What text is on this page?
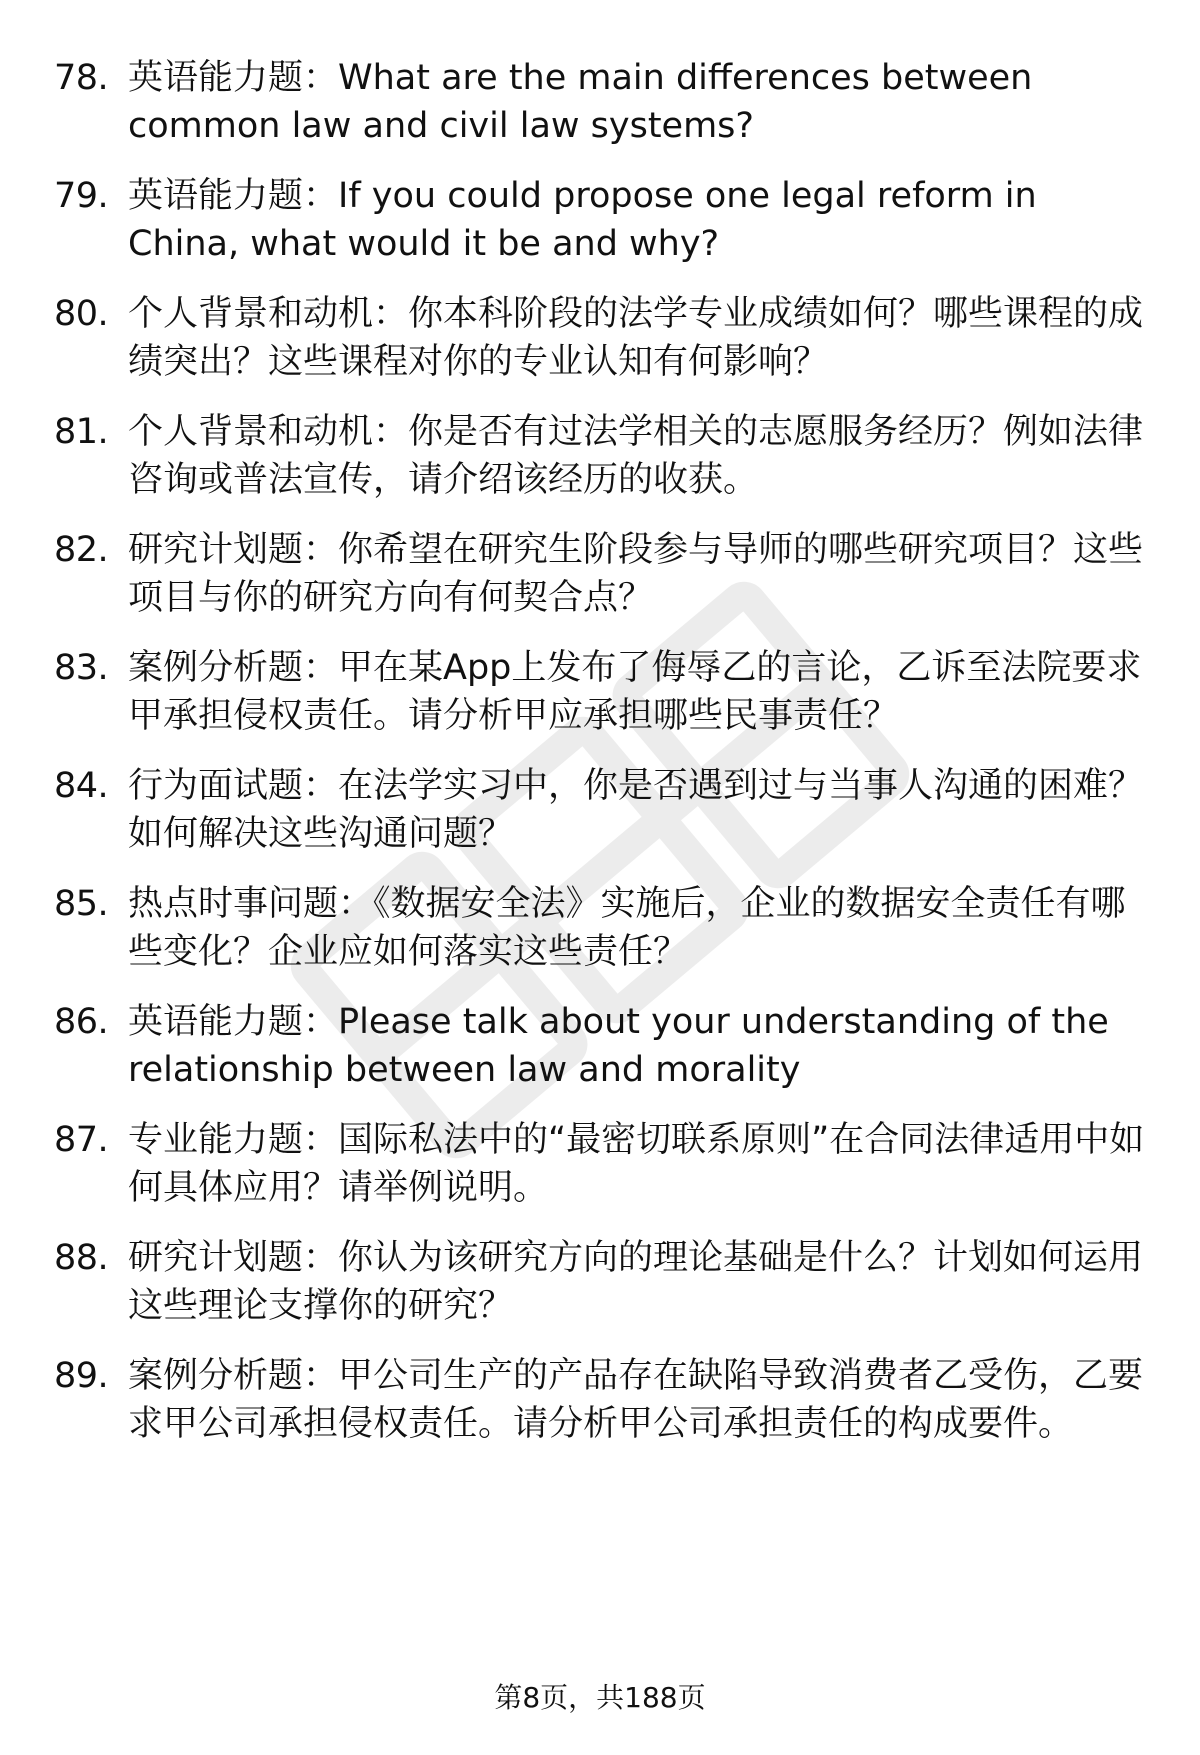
78. 英语能力题：What are the main differences between common law and civil law systems?
79. 英语能力题：If you could propose one legal reform in China, what would it be and why?
80. 个人背景和动机：你本科阶段的法学专业成绩如何？哪些课程的成绩突出？这些课程对你的专业认知有何影响？
81. 个人背景和动机：你是否有过法学相关的志愿服务经历？例如法律咨询或普法宣传，请介绍该经历的收获。
82. 研究计划题：你希望在研究生阶段参与导师的哪些研究项目？这些项目与你的研究方向有何契合点？
83. 案例分析题：甲在某App上发布了侮辱乙的言论，乙诉至法院要求甲承担侵权责任。请分析甲应承担哪些民事责任？
84. 行为面试题：在法学实习中，你是否遇到过与当事人沟通的困难？如何解决这些沟通问题？
85. 热点时事问题：《数据安全法》实施后，企业的数据安全责任有哪些变化？企业应如何落实这些责任？
86. 英语能力题：Please talk about your understanding of the relationship between law and morality
87. 专业能力题：国际私法中的“最密切联系原则”在合同法律适用中如何具体应用？请举例说明。
88. 研究计划题：你认为该研究方向的理论基础是什么？计划如何运用这些理论支撑你的研究？
89. 案例分析题：甲公司生产的产品存在缺陷导致消费者乙受伤，乙要求甲公司承担侵权责任。请分析甲公司承担责任的构成要件。
第8页，共188页
